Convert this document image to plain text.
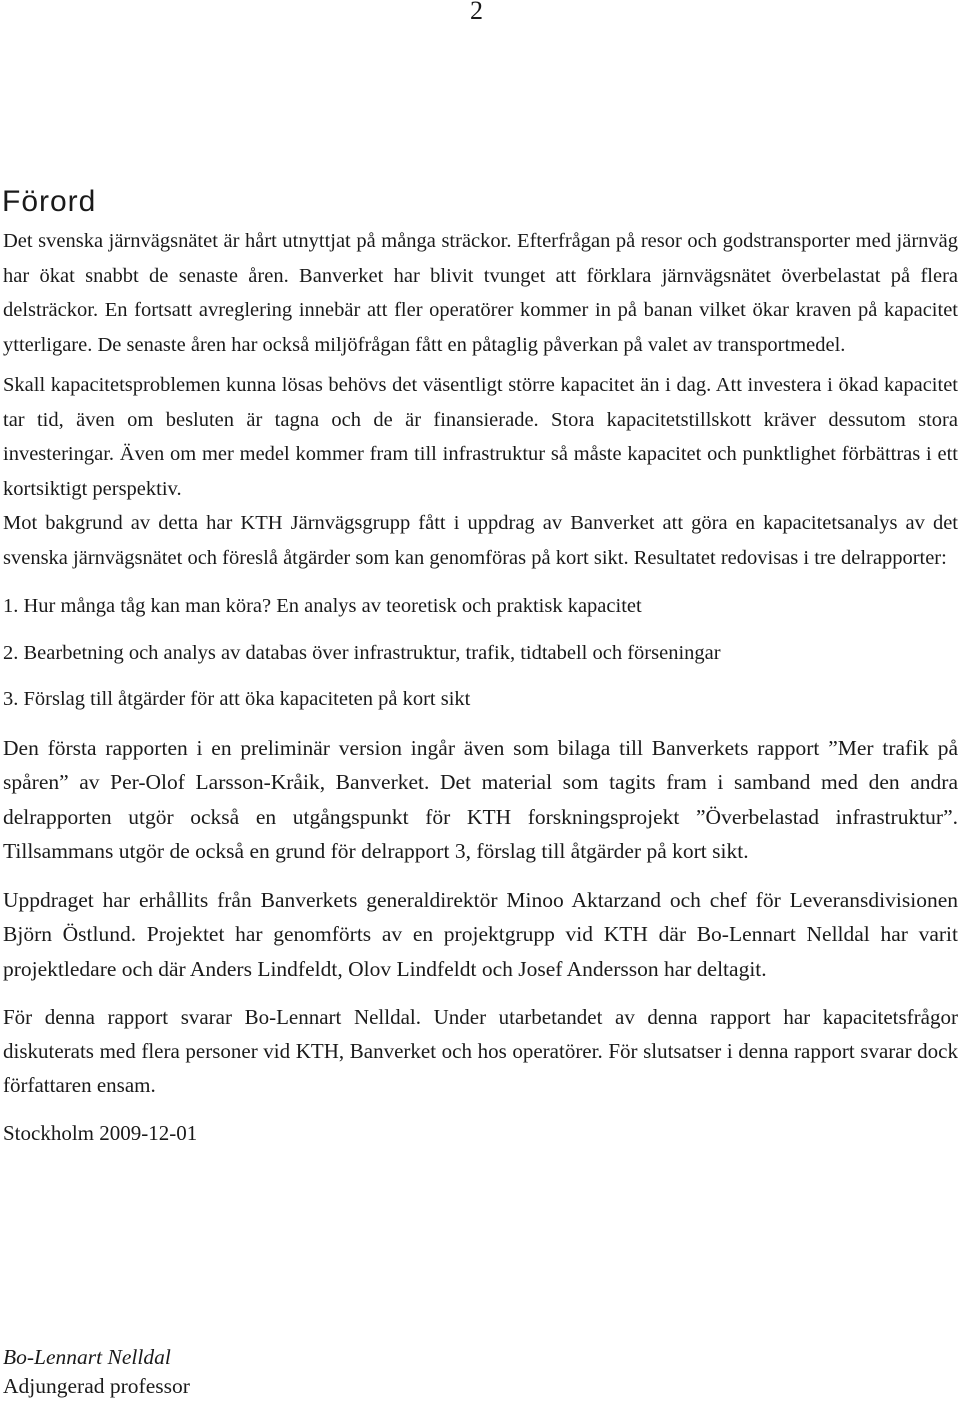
2
Förord

Det svenska järnvägsnätet är hårt utnyttjat på många sträckor. Efterfrågan på resor och godstransporter med järnväg har ökat snabbt de senaste åren. Banverket har blivit tvunget att förklara järnvägsnätet överbelastat på flera delsträckor. En fortsatt avreglering innebär att fler operatörer kommer in på banan vilket ökar kraven på kapacitet ytterligare. De senaste åren har också miljöfrågan fått en påtaglig påverkan på valet av transportmedel.

Skall kapacitetsproblemen kunna lösas behövs det väsentligt större kapacitet än i dag. Att investera i ökad kapacitet tar tid, även om besluten är tagna och de är finansierade. Stora kapacitetstillskott kräver dessutom stora investeringar. Även om mer medel kommer fram till infrastruktur så måste kapacitet och punktlighet förbättras i ett kortsiktigt perspektiv.

Mot bakgrund av detta har KTH Järnvägsgrupp fått i uppdrag av Banverket att göra en kapacitetsanalys av det svenska järnvägsnätet och föreslå åtgärder som kan genomföras på kort sikt. Resultatet redovisas i tre delrapporter:

1. Hur många tåg kan man köra? En analys av teoretisk och praktisk kapacitet

2. Bearbetning och analys av databas över infrastruktur, trafik, tidtabell och förseningar

3. Förslag till åtgärder för att öka kapaciteten på kort sikt

Den första rapporten i en preliminär version ingår även som bilaga till Banverkets rapport ”Mer trafik på spåren” av Per-Olof Larsson-Kråik, Banverket. Det material som tagits fram i samband med den andra delrapporten utgör också en utgångspunkt för KTH forskningsprojekt ”Överbelastad infrastruktur”. Tillsammans utgör de också en grund för delrapport 3, förslag till åtgärder på kort sikt.

Uppdraget har erhållits från Banverkets generaldirektör Minoo Aktarzand och chef för Leveransdivisionen Björn Östlund. Projektet har genomförts av en projektgrupp vid KTH där Bo-Lennart Nelldal har varit projektledare och där Anders Lindfeldt, Olov Lindfeldt och Josef Andersson har deltagit.

För denna rapport svarar Bo-Lennart Nelldal. Under utarbetandet av denna rapport har kapacitetsfrågor diskuterats med flera personer vid KTH, Banverket och hos operatörer. För slutsatser i denna rapport svarar dock författaren ensam.

Stockholm 2009-12-01

Bo-Lennart Nelldal
Adjungerad professor
